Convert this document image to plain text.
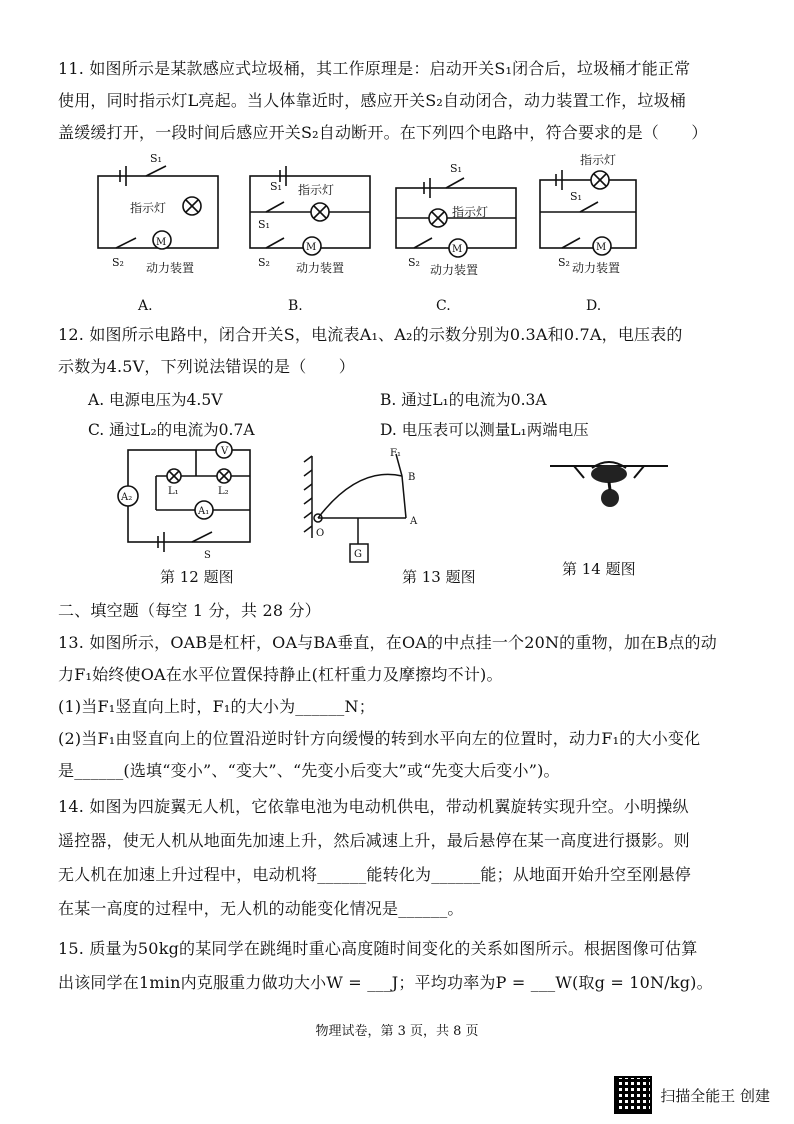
11. 如图所示是某款感应式垃圾桶，其工作原理是：启动开关S₁闭合后，垃圾桶才能正常
使用，同时指示灯L亮起。当人体靠近时，感应开关S₂自动闭合，动力装置工作，垃圾桶
盖缓缓打开，一段时间后感应开关S₂自动断开。在下列四个电路中，符合要求的是（　　）
S₁
指示灯
S₂ 动力装置
M
S₁ 指示灯
S₁
S₂ 动力装置
M
S₁
指示灯
S₂
动力装置
M
指示灯
S₁
S₂ 动力装置
M
A.	B.	C.	D.
12. 如图所示电路中，闭合开关S，电流表A₁、A₂的示数分别为0.3A和0.7A，电压表的
示数为4.5V，下列说法错误的是（　　）
A. 电源电压为4.5V	B. 通过L₁的电流为0.3A
C. 通过L₂的电流为0.7A	D. 电压表可以测量L₁两端电压
V
A₂
A₁
L₁	L₂
S
第 12 题图
F₁
B
A
O
G
第 13 题图	第 14 题图
二、填空题（每空 1 分，共 28 分）
13. 如图所示，OAB是杠杆，OA与BA垂直，在OA的中点挂一个20N的重物，加在B点的动
力F₁始终使OA在水平位置保持静止(杠杆重力及摩擦均不计)。
(1)当F₁竖直向上时，F₁的大小为______N；
(2)当F₁由竖直向上的位置沿逆时针方向缓慢的转到水平向左的位置时，动力F₁的大小变化
是______(选填“变小”、“变大”、“先变小后变大”或“先变大后变小”)。
14. 如图为四旋翼无人机，它依靠电池为电动机供电，带动机翼旋转实现升空。小明操纵
遥控器，使无人机从地面先加速上升，然后减速上升，最后悬停在某一高度进行摄影。则
无人机在加速上升过程中，电动机将______能转化为______能；从地面开始升空至刚悬停
在某一高度的过程中，无人机的动能变化情况是______。
15. 质量为50kg的某同学在跳绳时重心高度随时间变化的关系如图所示。根据图像可估算
出该同学在1min内克服重力做功大小W = ___J；平均功率为P = ___W(取g = 10N/kg)。
物理试卷，第 3 页，共 8 页
扫描全能王 创建
